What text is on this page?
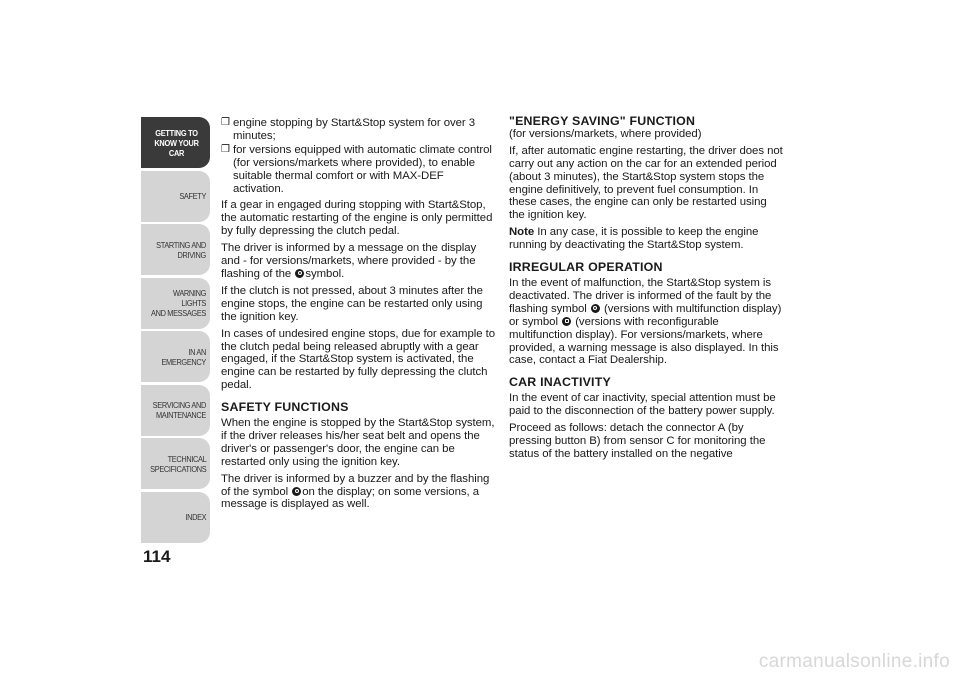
GETTING TO
KNOW YOUR CAR
SAFETY
STARTING AND
DRIVING
WARNING LIGHTS
AND MESSAGES
IN AN EMERGENCY
SERVICING AND
MAINTENANCE
TECHNICAL
SPECIFICATIONS
INDEX
114
❒ engine stopping by Start&Stop system for over 3 minutes;
❒ for versions equipped with automatic climate control (for versions/markets where provided), to enable suitable thermal comfort or with MAX-DEF activation.

If a gear in engaged during stopping with Start&Stop, the automatic restarting of the engine is only permitted by fully depressing the clutch pedal.

The driver is informed by a message on the display and - for versions/markets, where provided - by the flashing of the symbol.

If the clutch is not pressed, about 3 minutes after the engine stops, the engine can be restarted only using the ignition key.

In cases of undesired engine stops, due for example to the clutch pedal being released abruptly with a gear engaged, if the Start&Stop system is activated, the engine can be restarted by fully depressing the clutch pedal.

SAFETY FUNCTIONS

When the engine is stopped by the Start&Stop system, if the driver releases his/her seat belt and opens the driver's or passenger's door, the engine can be restarted only using the ignition key.

The driver is informed by a buzzer and by the flashing of the symbol on the display; on some versions, a message is displayed as well.

"ENERGY SAVING" FUNCTION

(for versions/markets, where provided)

If, after automatic engine restarting, the driver does not carry out any action on the car for an extended period (about 3 minutes), the Start&Stop system stops the engine definitively, to prevent fuel consumption. In these cases, the engine can only be restarted using the ignition key.

Note In any case, it is possible to keep the engine running by deactivating the Start&Stop system.

IRREGULAR OPERATION

In the event of malfunction, the Start&Stop system is deactivated. The driver is informed of the fault by the flashing symbol (versions with multifunction display) or symbol (versions with reconfigurable multifunction display). For versions/markets, where provided, a warning message is also displayed. In this case, contact a Fiat Dealership.

CAR INACTIVITY

In the event of car inactivity, special attention must be paid to the disconnection of the battery power supply.

Proceed as follows: detach the connector A (by pressing button B) from sensor C for monitoring the status of the battery installed on the negative

carmanualsonline.info
